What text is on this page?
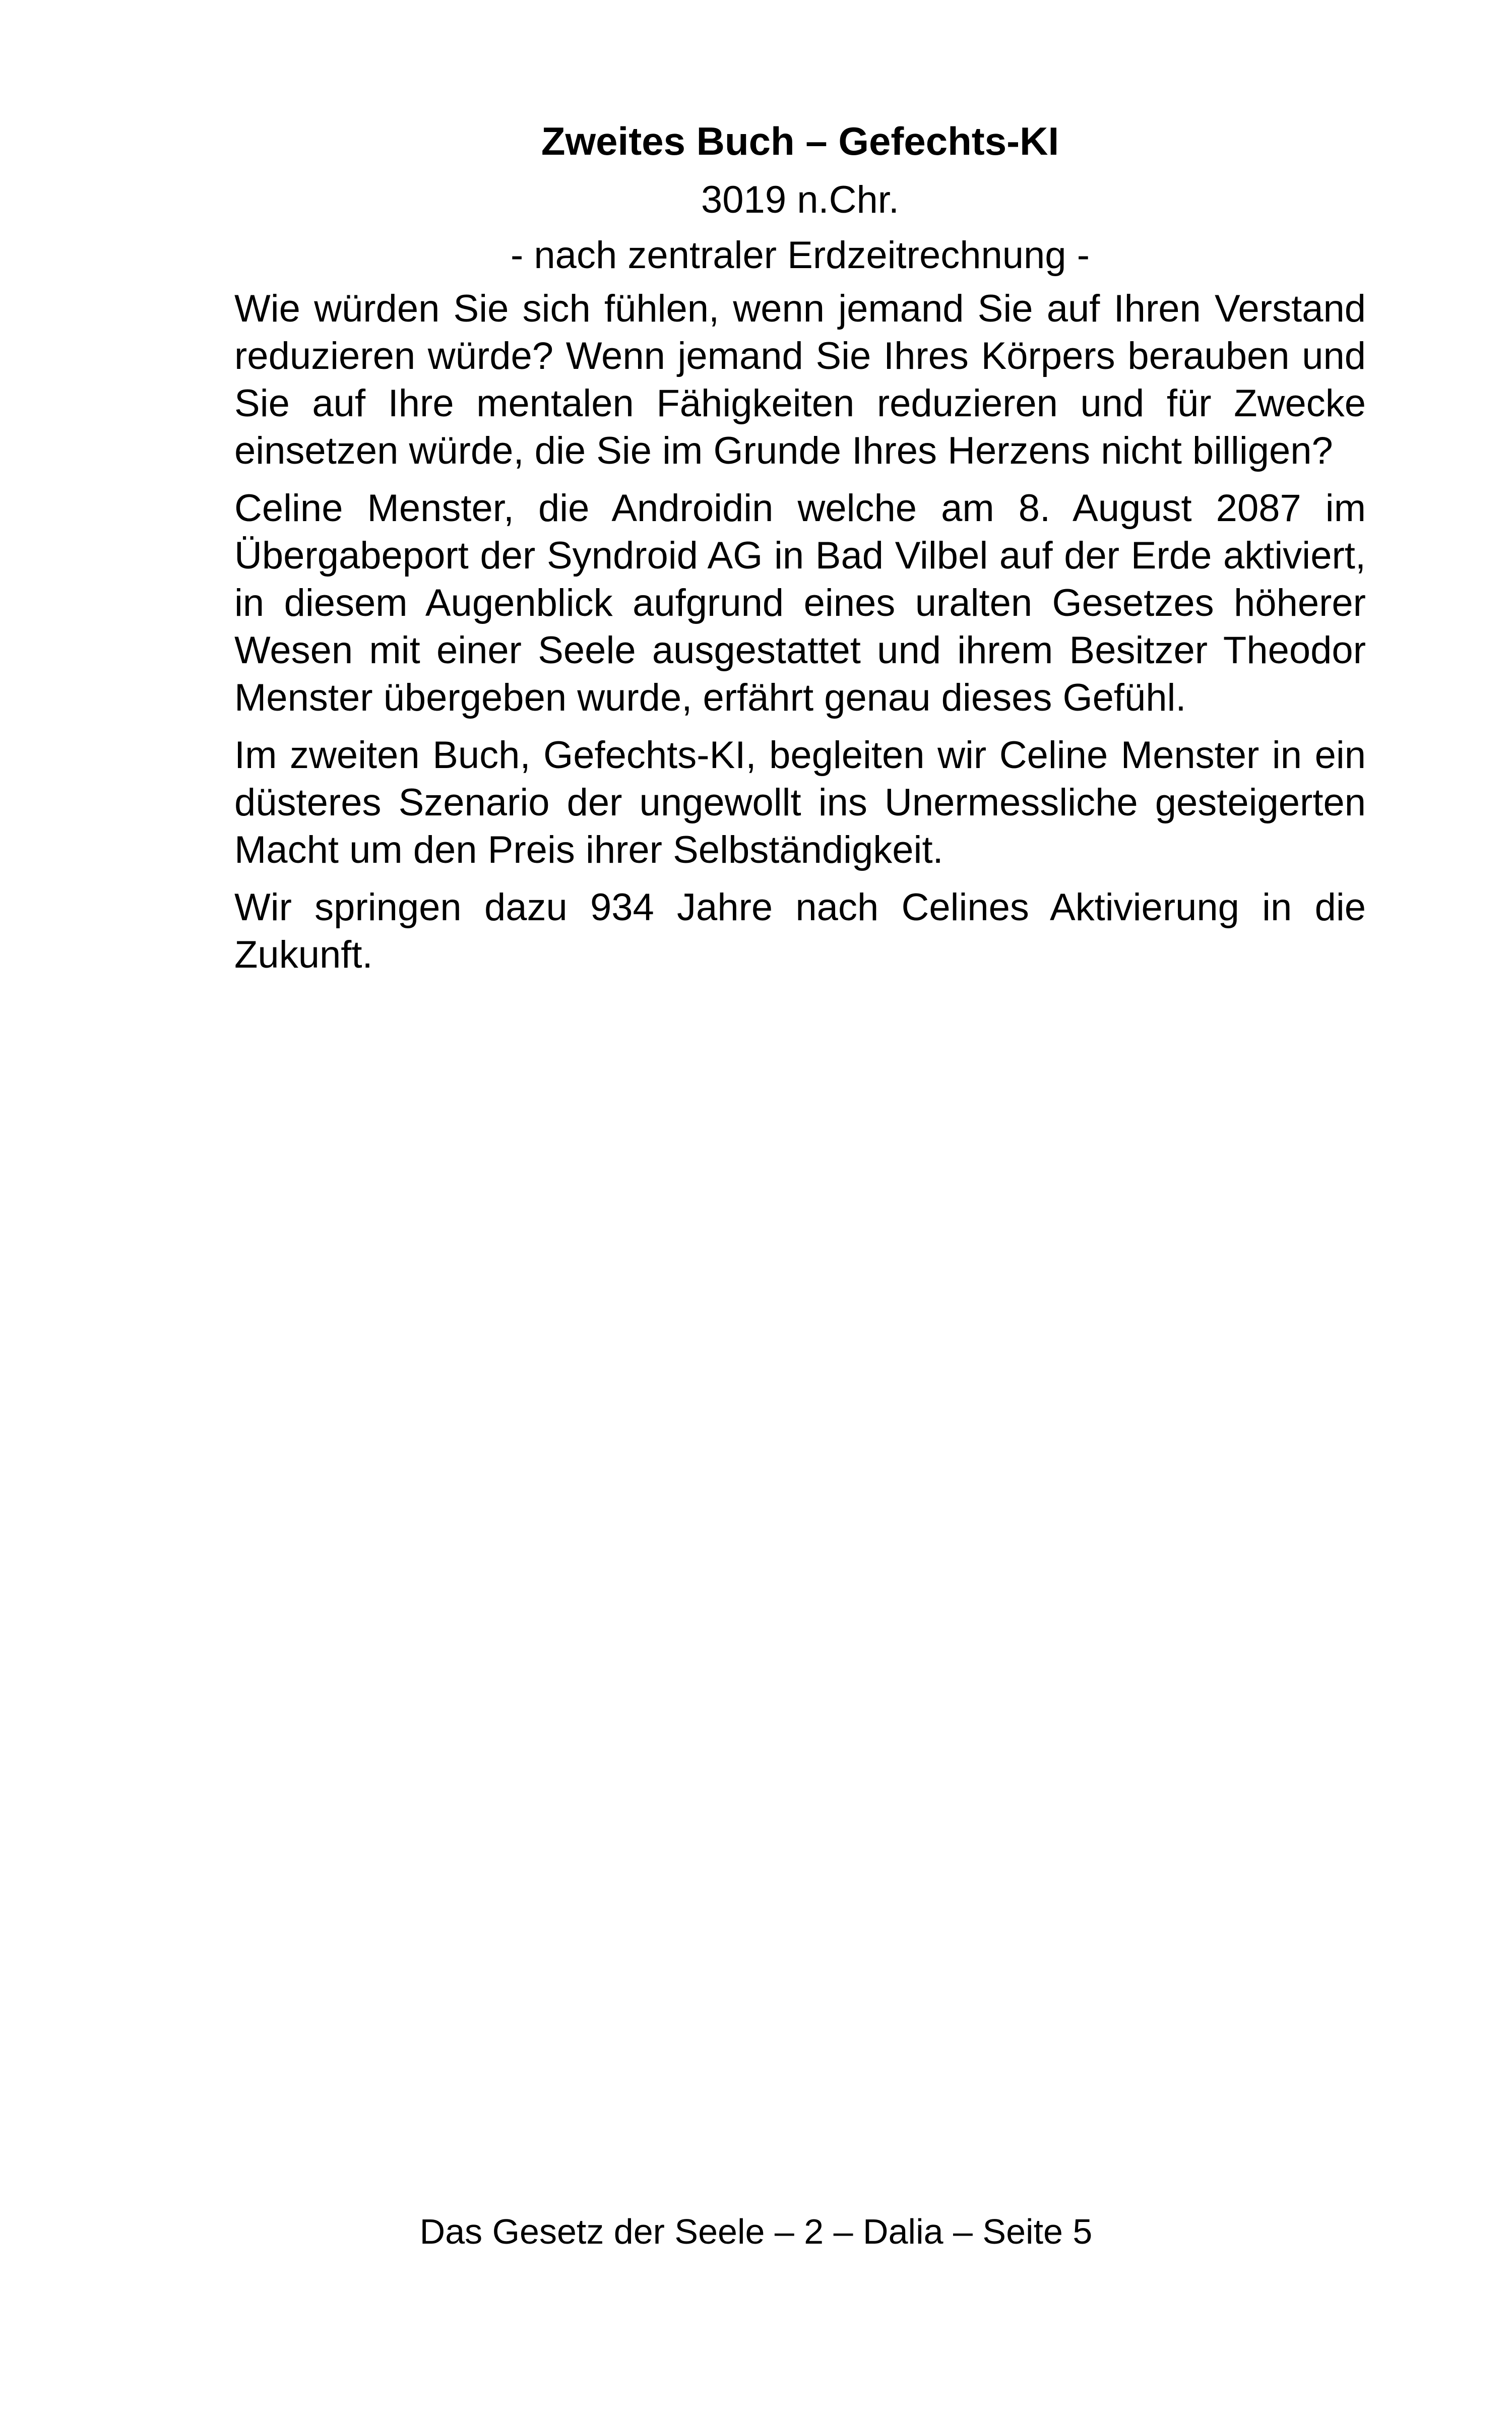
Zweites Buch – Gefechts-KI

3019 n.Chr.

- nach zentraler Erdzeitrechnung -

Wie würden Sie sich fühlen, wenn jemand Sie auf Ihren Verstand reduzieren würde? Wenn jemand Sie Ihres Körpers berauben und Sie auf Ihre mentalen Fähigkeiten reduzieren und für Zwecke einsetzen würde, die Sie im Grunde Ihres Herzens nicht billigen?

Celine Menster, die Androidin welche am 8. August 2087 im Übergabeport der Syndroid AG in Bad Vilbel auf der Erde aktiviert, in diesem Augenblick aufgrund eines uralten Gesetzes höherer Wesen mit einer Seele ausgestattet und ihrem Besitzer Theodor Menster übergeben wurde, erfährt genau dieses Gefühl.

Im zweiten Buch, Gefechts-KI, begleiten wir Celine Menster in ein düsteres Szenario der ungewollt ins Unermessliche gesteigerten Macht um den Preis ihrer Selbständigkeit.

Wir springen dazu 934 Jahre nach Celines Aktivierung in die Zukunft.

Das Gesetz der Seele – 2 – Dalia – Seite 5
